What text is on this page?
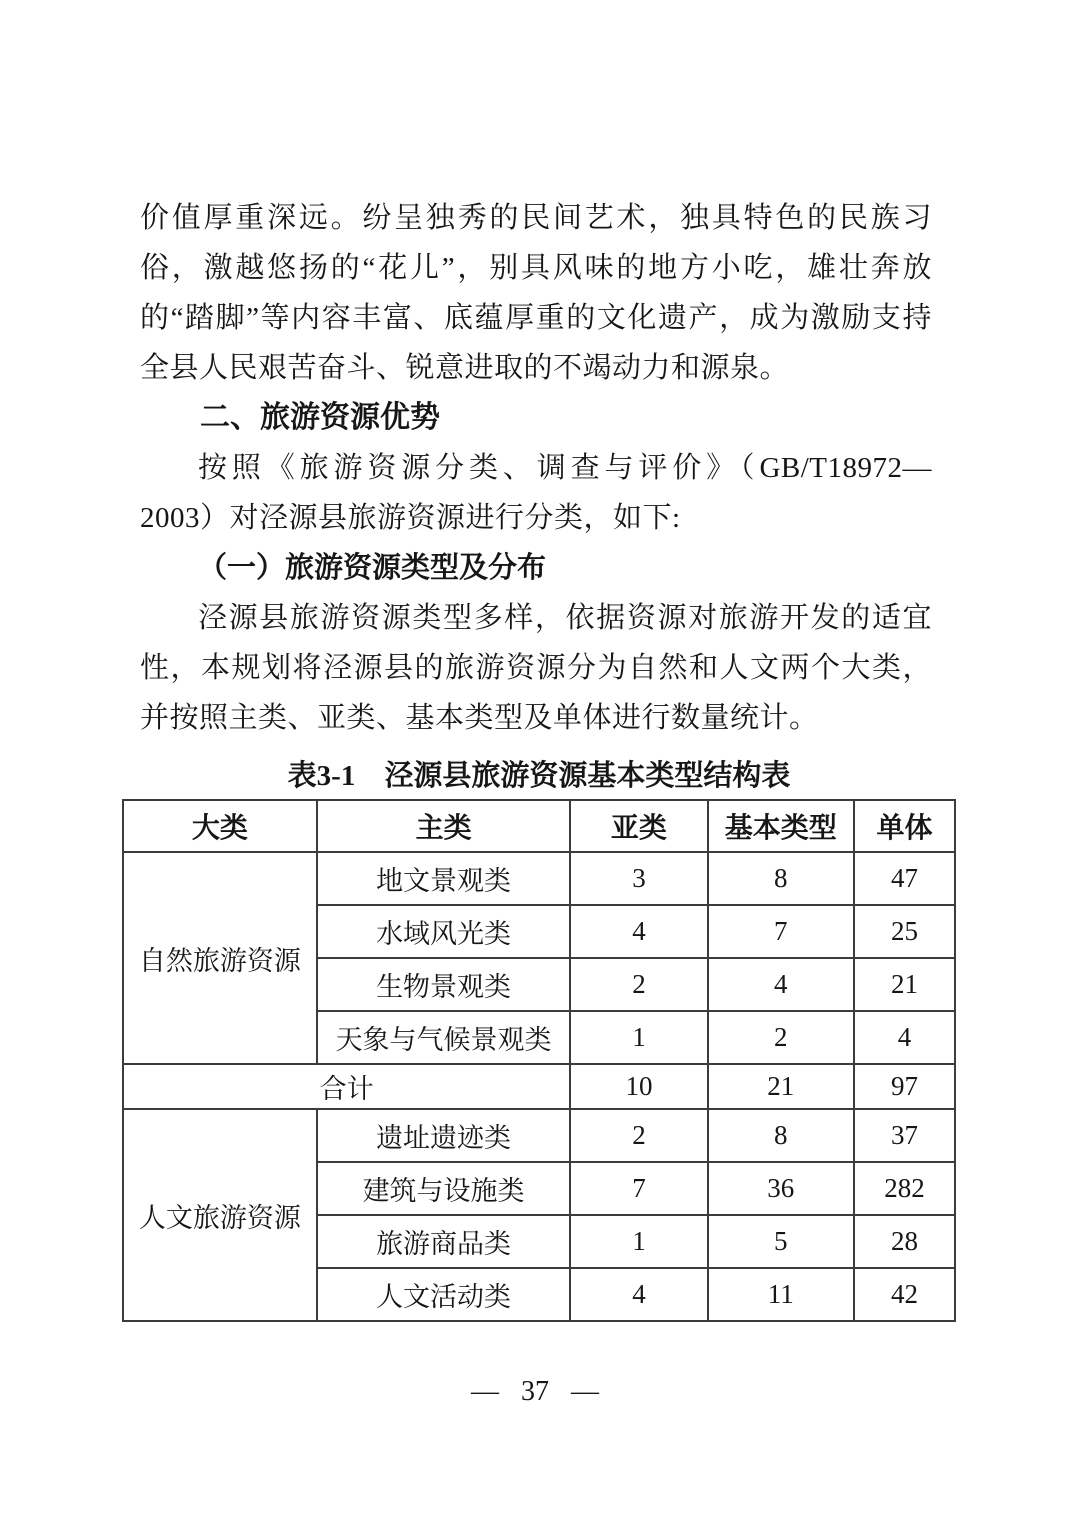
价值厚重深远。纷呈独秀的民间艺术，独具特色的民族习俗，激越悠扬的“花儿”，别具风味的地方小吃，雄壮奔放的“踏脚”等内容丰富、底蕴厚重的文化遗产，成为激励支持全县人民艰苦奋斗、锐意进取的不竭动力和源泉。

二、旅游资源优势

按照《旅游资源分类、调查与评价》（GB/T18972—2003）对泾源县旅游资源进行分类，如下:

（一）旅游资源类型及分布

泾源县旅游资源类型多样，依据资源对旅游开发的适宜性，本规划将泾源县的旅游资源分为自然和人文两个大类，并按照主类、亚类、基本类型及单体进行数量统计。

表3-1　泾源县旅游资源基本类型结构表
大类	主类	亚类	基本类型	单体
自然旅游资源	地文景观类	3	8	47
	水域风光类	4	7	25
	生物景观类	2	4	21
	天象与气候景观类	1	2	4
合计		10	21	97
人文旅游资源	遗址遗迹类	2	8	37
	建筑与设施类	7	36	282
	旅游商品类	1	5	28
	人文活动类	4	11	42
— 37 —
